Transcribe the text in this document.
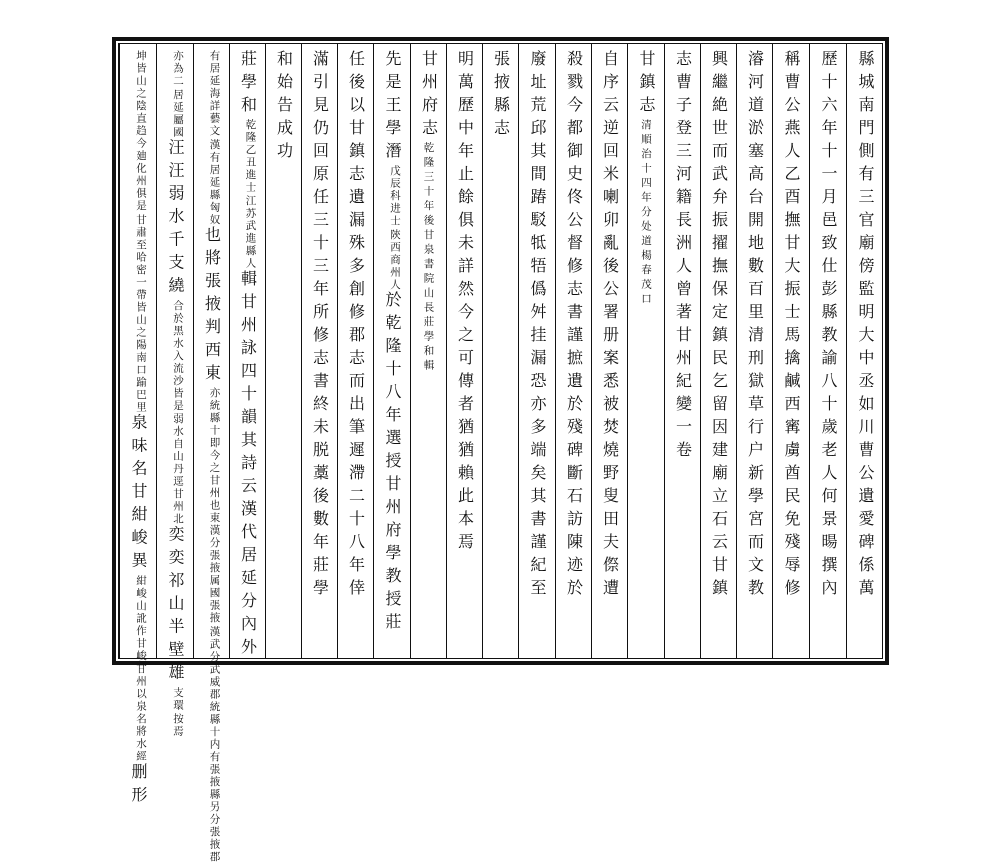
縣城南門側有三官廟傍監明大中丞如川曹公遺愛碑係萬
歷十六年十一月邑致仕彭縣教諭八十歲老人何景暘撰內
稱曹公燕人乙酉撫甘大振士馬擒鹹西寗虜酋民免殘辱修
濬河道淤塞高台開地數百里清刑獄草行户新學宮而文教
興繼絶世而武弁振擢撫保定鎮民乞留因建廟立石云甘鎮
志曹子登三河籍長洲人曾著甘州紀變一卷
甘鎮志清順治十四年分处道楊春茂口
自序云逆回米喇卯亂後公署册案悉被焚燒野叟田夫傺遭
殺戮今都御史佟公督修志書謹摭遺於殘碑斷石訪陳迹於
廢址荒邱其間踳駁牴牾僞舛挂漏恐亦多端矣其書謹紀至
張掖縣志
明萬歷中年止餘俱未詳然今之可傳者猶猶賴此本焉
甘州府志乾隆三十年後甘泉書院山長莊學和輯
先是王學潛
陝西商州人
戊辰科进士
於乾隆十八年選授甘州府學教授莊
任後以甘鎮志遺漏殊多創修郡志而出筆遲滯二十八年倖
滿引見仍回原任三十三年所修志書終未脱藁後數年莊學
和始告成功
莊學和
江苏武進縣人
乾隆乙丑進士
輯甘州詠四十韻其詩云漢代居延分內外
漢有居延縣匈奴
有居延海詳藝文
也將張掖判西東
漢武分武威郡統縣十内有張掖縣另分張掖郡
亦統縣十即今之甘州也東漢分張掖属國張掖
居延屬國
亦為二
汪汪弱水千支繞
弱水自山丹逕甘州北
合於黑水入流沙皆是
奕奕祁山半壁雄
按焉
支環
甘肅至哈密一帶皆山之陽南口踰巴里
坤皆山之陰直趋今廸化州俱是
泉味名甘紺峻異
甘州以泉名將水經
紺峻山訛作甘峻
删形
